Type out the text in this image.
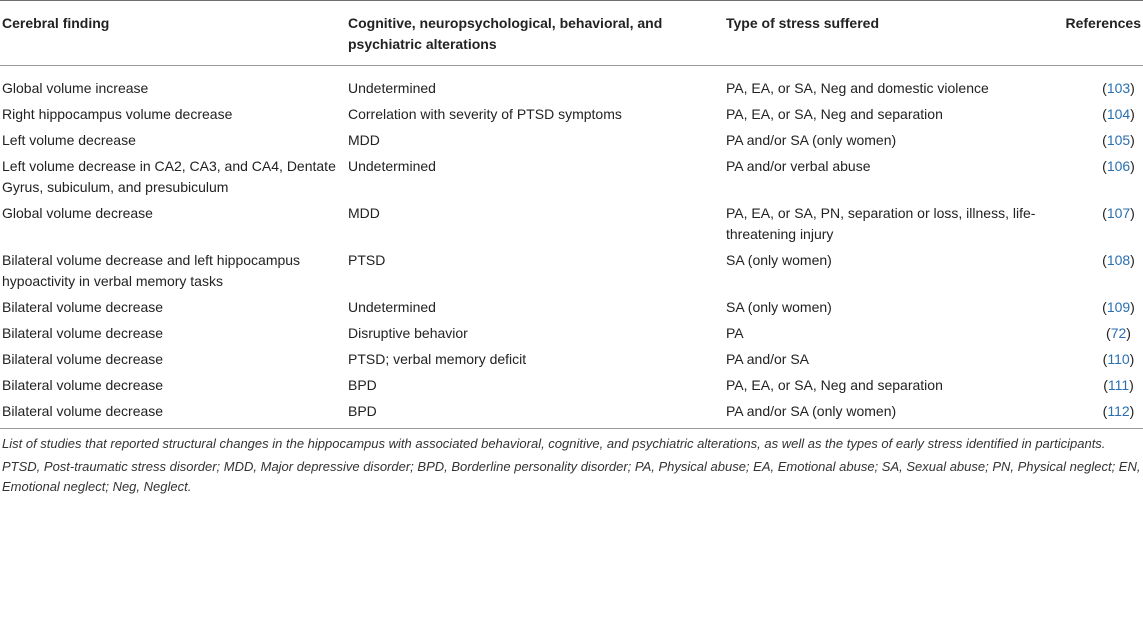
Cerebral finding	Cognitive, neuropsychological, behavioral, and psychiatric alterations	Type of stress suffered	References
Global volume increase	Undetermined	PA, EA, or SA, Neg and domestic violence	(103)
Right hippocampus volume decrease	Correlation with severity of PTSD symptoms	PA, EA, or SA, Neg and separation	(104)
Left volume decrease	MDD	PA and/or SA (only women)	(105)
Left volume decrease in CA2, CA3, and CA4, Dentate Gyrus, subiculum, and presubiculum	Undetermined	PA and/or verbal abuse	(106)
Global volume decrease	MDD	PA, EA, or SA, PN, separation or loss, illness, life-threatening injury	(107)
Bilateral volume decrease and left hippocampus hypoactivity in verbal memory tasks	PTSD	SA (only women)	(108)
Bilateral volume decrease	Undetermined	SA (only women)	(109)
Bilateral volume decrease	Disruptive behavior	PA	(72)
Bilateral volume decrease	PTSD; verbal memory deficit	PA and/or SA	(110)
Bilateral volume decrease	BPD	PA, EA, or SA, Neg and separation	(111)
Bilateral volume decrease	BPD	PA and/or SA (only women)	(112)

List of studies that reported structural changes in the hippocampus with associated behavioral, cognitive, and psychiatric alterations, as well as the types of early stress identified in participants.

PTSD, Post-traumatic stress disorder; MDD, Major depressive disorder; BPD, Borderline personality disorder; PA, Physical abuse; EA, Emotional abuse; SA, Sexual abuse; PN, Physical neglect; EN, Emotional neglect; Neg, Neglect.
